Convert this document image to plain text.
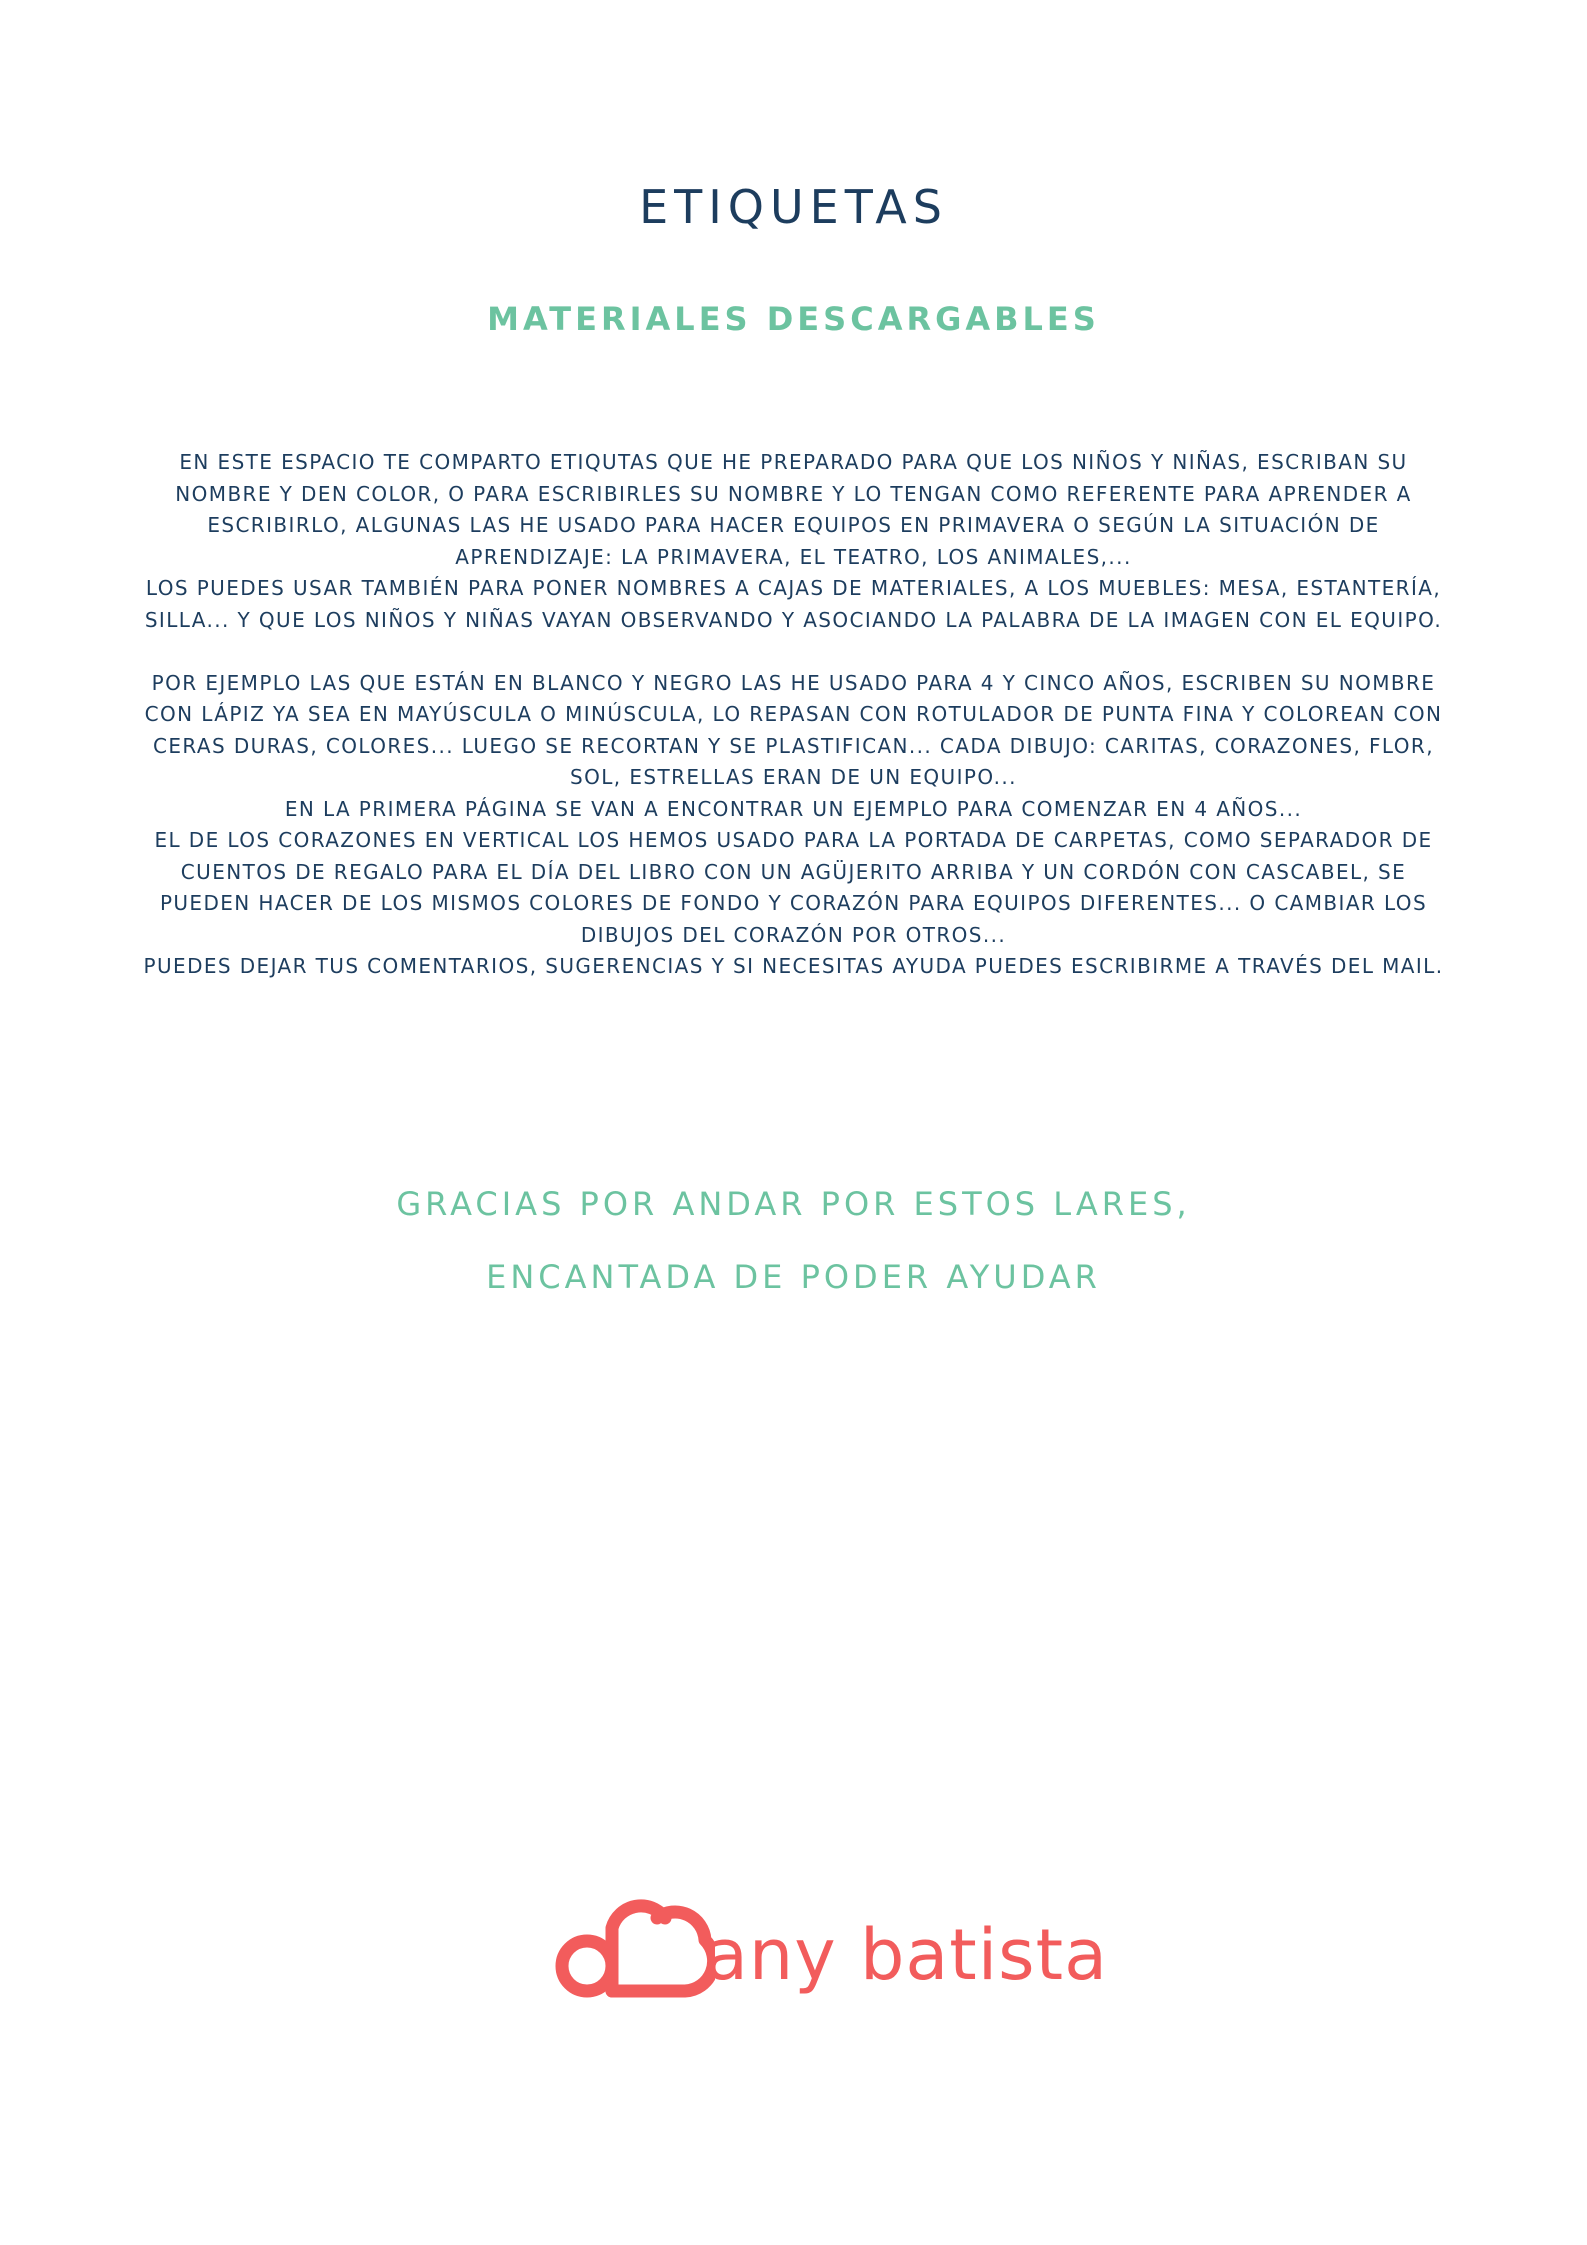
ETIQUETAS
MATERIALES DESCARGABLES

EN ESTE ESPACIO TE COMPARTO ETIQUTAS QUE HE PREPARADO PARA QUE LOS NIÑOS Y NIÑAS, ESCRIBAN SU NOMBRE Y DEN COLOR, O PARA ESCRIBIRLES SU NOMBRE Y LO TENGAN COMO REFERENTE PARA APRENDER A ESCRIBIRLO, ALGUNAS LAS HE USADO PARA HACER EQUIPOS EN PRIMAVERA O SEGÚN LA SITUACIÓN DE APRENDIZAJE: LA PRIMAVERA, EL TEATRO, LOS ANIMALES,...

LOS PUEDES USAR TAMBIÉN PARA PONER NOMBRES A CAJAS DE MATERIALES, A LOS MUEBLES: MESA, ESTANTERÍA, SILLA... Y QUE LOS NIÑOS Y NIÑAS VAYAN OBSERVANDO Y ASOCIANDO LA PALABRA DE LA IMAGEN CON EL EQUIPO.

POR EJEMPLO LAS QUE ESTÁN EN BLANCO Y NEGRO LAS HE USADO PARA 4 Y CINCO AÑOS, ESCRIBEN SU NOMBRE CON LÁPIZ YA SEA EN MAYÚSCULA O MINÚSCULA, LO REPASAN CON ROTULADOR DE PUNTA FINA Y COLOREAN CON CERAS DURAS, COLORES... LUEGO SE RECORTAN Y SE PLASTIFICAN... CADA DIBUJO: CARITAS, CORAZONES, FLOR, SOL, ESTRELLAS ERAN DE UN EQUIPO...

EN LA PRIMERA PÁGINA SE VAN A ENCONTRAR UN EJEMPLO PARA COMENZAR EN 4 AÑOS...

EL DE LOS CORAZONES EN VERTICAL LOS HEMOS USADO PARA LA PORTADA DE CARPETAS, COMO SEPARADOR DE CUENTOS DE REGALO PARA EL DÍA DEL LIBRO CON UN AGÜJERITO ARRIBA Y UN CORDÓN CON CASCABEL, SE PUEDEN HACER DE LOS MISMOS COLORES DE FONDO Y CORAZÓN PARA EQUIPOS DIFERENTES... O CAMBIAR LOS DIBUJOS DEL CORAZÓN POR OTROS...

PUEDES DEJAR TUS COMENTARIOS, SUGERENCIAS Y SI NECESITAS AYUDA PUEDES ESCRIBIRME A TRAVÉS DEL MAIL.

GRACIAS POR ANDAR POR ESTOS LARES,

ENCANTADA DE PODER AYUDAR

any batista
